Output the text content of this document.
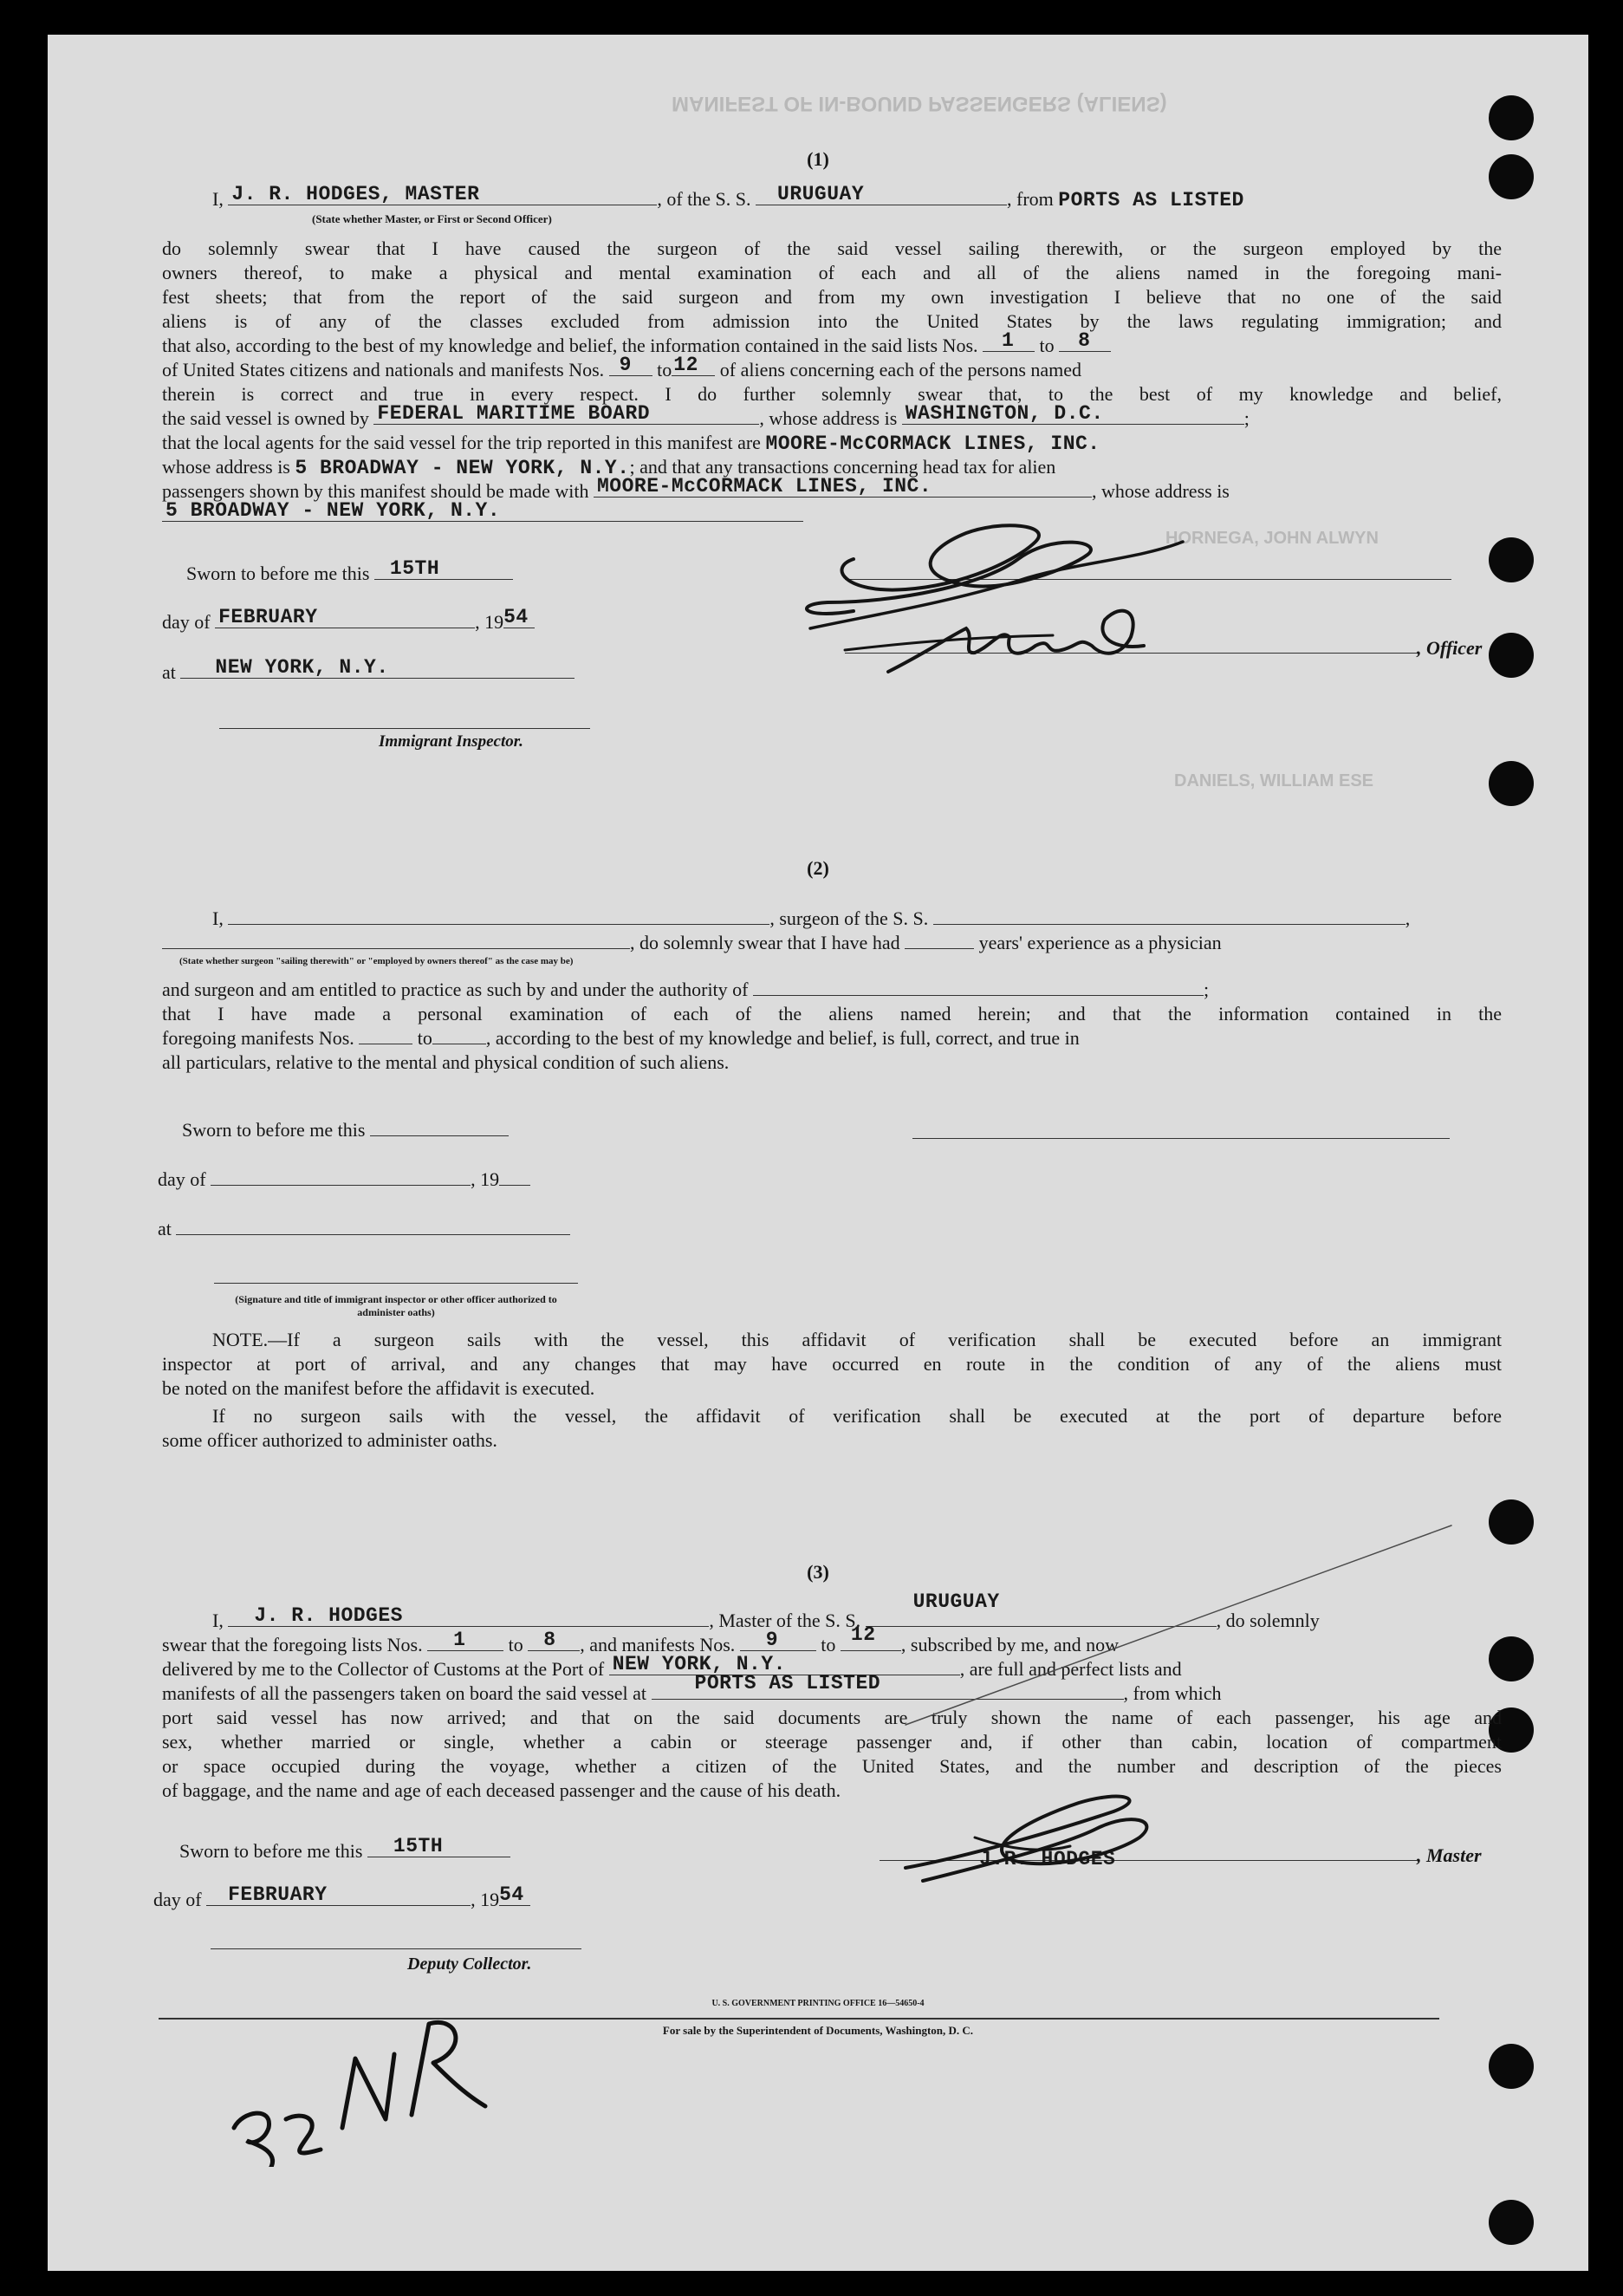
MANIFEST OF IN-BOUND PASSENGERS (ALIENS)
HORNEGA, JOHN ALWYN
DANIELS, WILLIAM ESE
(1)
I, J. R. HODGES, MASTER	, of the S. S. URUGUAY	, from PORTS AS LISTED
(State whether Master, or First or Second Officer)
do solemnly swear that I have caused the surgeon of the said vessel sailing therewith, or the surgeon employed by the
owners thereof, to make a physical and mental examination of each and all of the aliens named in the foregoing mani-
fest sheets; that from the report of the said surgeon and from my own investigation I believe that no one of the said
aliens is of any of the classes excluded from admission into the United States by the laws regulating immigration; and
that also, according to the best of my knowledge and belief, the information contained in the said lists Nos. 1 to 8
of United States citizens and nationals and manifests Nos. 9 to 12 of aliens concerning each of the persons named
therein is correct and true in every respect. I do further solemnly swear that, to the best of my knowledge and belief,
the said vessel is owned by FEDERAL MARITIME BOARD	, whose address is WASHINGTON, D.C.	;
that the local agents for the said vessel for the trip reported in this manifest are MOORE-McCORMACK LINES, INC.
whose address is 5 BROADWAY - NEW YORK, N.Y.; and that any transactions concerning head tax for alien
passengers shown by this manifest should be made with MOORE-McCORMACK LINES, INC.	, whose address is
5 BROADWAY - NEW YORK, N.Y.
Sworn to before me this 15TH
day of FEBRUARY	, 19 54
at NEW YORK, N.Y.
, Officer
Immigrant Inspector.
(2)
I,	, surgeon of the S. S.	,
, do solemnly swear that I have had	years' experience as a physician
(State whether surgeon "sailing therewith" or "employed by owners thereof" as the case may be)
and surgeon and am entitled to practice as such by and under the authority of	;
that I have made a personal examination of each of the aliens named herein; and that the information contained in the
foregoing manifests Nos.	to	, according to the best of my knowledge and belief, is full, correct, and true in
all particulars, relative to the mental and physical condition of such aliens.
Sworn to before me this
day of	, 19
at
(Signature and title of immigrant inspector or other officer authorized to administer oaths)
NOTE.—If a surgeon sails with the vessel, this affidavit of verification shall be executed before an immigrant
inspector at port of arrival, and any changes that may have occurred en route in the condition of any of the aliens must
be noted on the manifest before the affidavit is executed.
If no surgeon sails with the vessel, the affidavit of verification shall be executed at the port of departure before
some officer authorized to administer oaths.
(3)
I, J. R. HODGES	, Master of the S. S.
URUGUAY
, do solemnly
swear that the foregoing lists Nos. 1 to 8 , and manifests Nos. 9 to 12 , subscribed by me, and now
delivered by me to the Collector of Customs at the Port of NEW YORK, N.Y.	, are full and perfect lists and
manifests of all the passengers taken on board the said vessel at PORTS AS LISTED	, from which
port said vessel has now arrived; and that on the said documents are truly shown the name of each passenger, his age and
sex, whether married or single, whether a cabin or steerage passenger and, if other than cabin, location of compartment
or space occupied during the voyage, whether a citizen of the United States, and the number and description of the pieces
of baggage, and the name and age of each deceased passenger and the cause of his death.
Sworn to before me this 15TH
day of FEBRUARY	, 19 54
, Master
J.R. HODGES
Deputy Collector.
U. S. GOVERNMENT PRINTING OFFICE 16—54650-4
For sale by the Superintendent of Documents, Washington, D. C.
